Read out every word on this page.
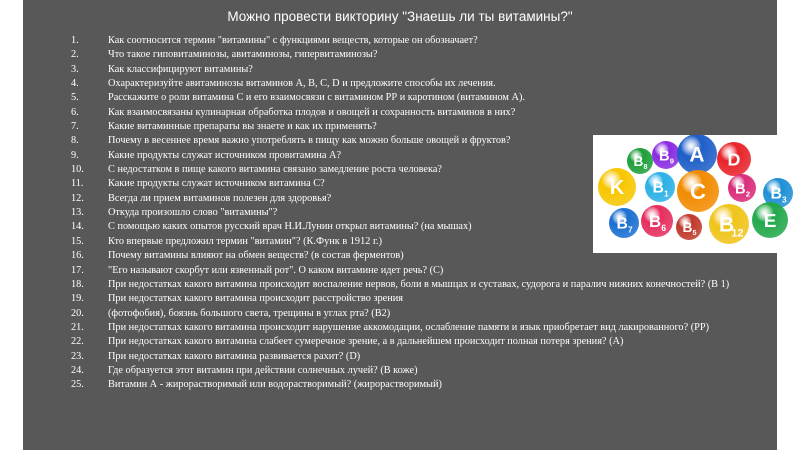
Можно провести викторину "Знаешь ли ты витамины?"
1.	Как соотносится термин "витамины" с функциями веществ, которые он обозначает?
2.	Что такое гиповитаминозы, авитаминозы, гипервитаминозы?
3.	Как классифицируют витамины?
4.	Охарактеризуйте авитаминозы витаминов А, В, С, D и предложите способы их лечения.
5.	Расскажите о роли витамина С и его взаимосвязи с витамином РР и каротином (витамином А).
6.	Как взаимосвязаны кулинарная обработка плодов и овощей и сохранность витаминов в них?
7.	Какие витаминные препараты вы знаете и как их применять?
8.	Почему в весеннее время важно употреблять в пищу как можно больше овощей и фруктов?
9.	Какие продукты служат источником провитамина А?
10. С недостатком в пище какого витамина связано замедление роста человека?
11. Какие продукты служат источником витамина С?
12. Всегда ли прием витаминов полезен для здоровья?
13. Откуда произошло слово "витамины"?
14. С помощью каких опытов русский врач Н.И.Лунин открыл витамины? (на мышах)
15. Кто впервые предложил термин "витамин"? (К.Функ в 1912 г.)
16. Почему витамины влияют на обмен веществ? (в состав ферментов)
17. "Его называют скорбут или язвенный рот". О каком витамине идет речь? (С)
18. При недостатках какого витамина происходит воспаление нервов, боли в мышцах и суставах, судорога и паралич нижних конечностей? (В 1)
19. При недостатках какого витамина происходит расстройство зрения
20. (фотофобия), боязнь большого света, трещины в углах рта? (В2)
21. При недостатках какого витамина происходит нарушение аккомодации, ослабление памяти и язык приобретает вид лакированного? (РР)
22. При недостатках какого витамина слабеет сумеречное зрение, а в дальнейшем происходит полная потеря зрения? (А)
23. При недостатках какого витамина развивается рахит? (D)
24. Где образуется этот витамин при действии солнечных лучей? (В коже)
25. Витамин А - жирорастворимый или водорастворимый? (жирорастворимый)
B 8
B 9 A D
K B 1 C B 2 B 3
B 7 B 6 B 5 B
12
E
